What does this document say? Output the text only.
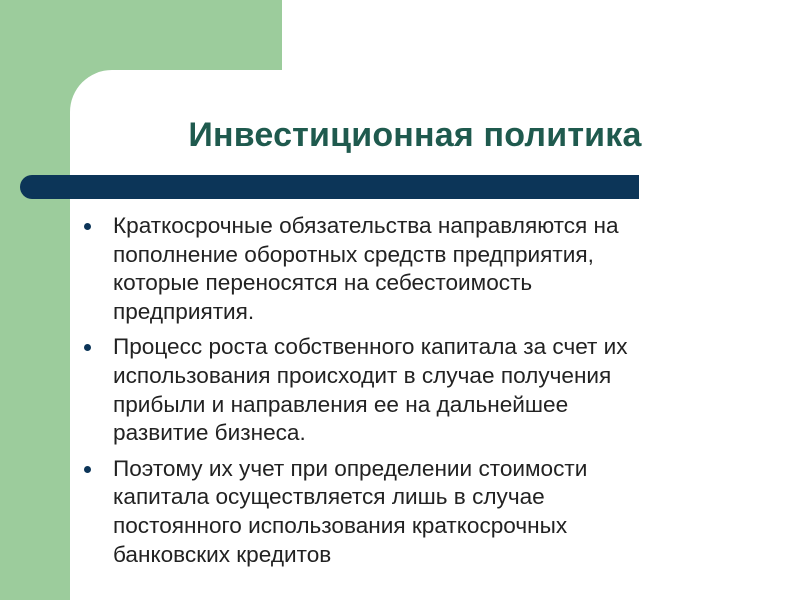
Инвестиционная политика
Краткосрочные обязательства направляются на
пополнение оборотных средств предприятия,
которые переносятся на себестоимость
предприятия.
Процесс роста собственного капитала за счет их
использования происходит в случае получения
прибыли и направления ее на дальнейшее
развитие бизнеса.
Поэтому их учет при определении стоимости
капитала осуществляется лишь в случае
постоянного использования краткосрочных
банковских кредитов
